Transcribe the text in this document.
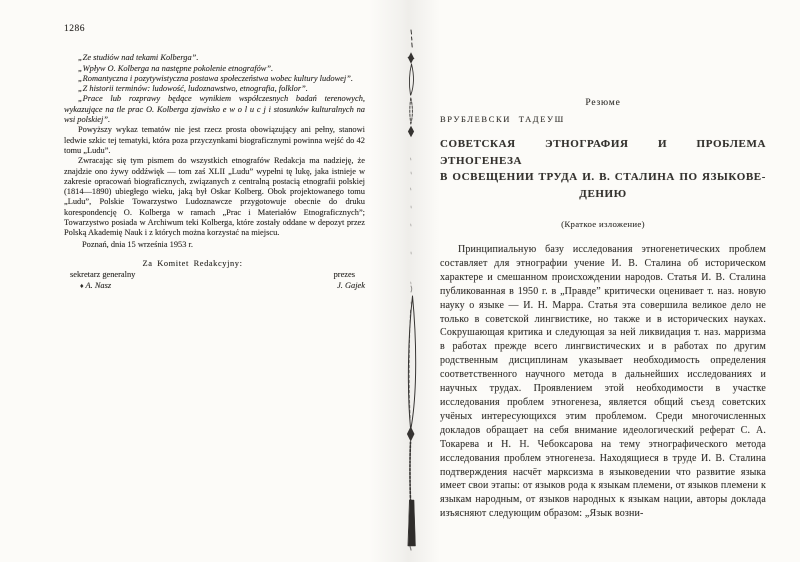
1286

„Ze studiów nad tekami Kolberga”.

„Wpływ O. Kolberga na następne pokolenie etnografów”.

„Romantyczna i pozytywistyczna postawa społeczeństwa wobec kultury ludowej”.

„Z historii terminów: ludowość, ludoznawstwo, etnografia, folklor”.

„Prace lub rozprawy będące wynikiem współczesnych badań terenowych, wykazujące na tle prac O. Kolberga zjawisko e w o l u c j i stosunków kulturalnych na wsi polskiej”.

Powyższy wykaz tematów nie jest rzecz prosta obowiązujący ani pełny, stanowi ledwie szkic tej tematyki, która poza przyczynkami biograficznymi powinna wejść do 42 tomu „Ludu”.

Zwracając się tym pismem do wszystkich etnografów Redakcja ma nadzieję, że znajdzie ono żywy oddźwięk — tom zaś XLII „Ludu” wypełni tę lukę, jaka istnieje w zakresie opracowań biograficznych, związanych z centralną postacią etnografii polskiej (1814—1890) ubiegłego wieku, jaką był Oskar Kolberg. Obok projektowanego tomu „Ludu”, Polskie Towarzystwo Ludoznawcze przygotowuje obecnie do druku korespondencję O. Kolberga w ramach „Prac i Materiałów Etnograficznych”; Towarzystwo posiada w Archiwum teki Kolberga, które zostały oddane w depozyt przez Polską Akademię Nauk i z których można korzystać na miejscu.

Poznań, dnia 15 września 1953 r.

Za Komitet Redakcyjny:
sekretarz generalny
♦ A. Nasz
prezes
J. Gajek
Резюме
ВРУБЛЕВСКИ ТАДЕУШ
СОВЕТСКАЯ ЭТНОГРАФИЯ И ПРОБЛЕМА ЭТНОГЕНЕЗА
В ОСВЕЩЕНИИ ТРУДА И. В. СТАЛИНА ПО ЯЗЫКОВЕ-
ДЕНИЮ
(Краткое изложение)

Принципиальную базу исследования этногенетических проблем составляет для этнографии учение И. В. Сталина об историческом характере и смешанном происхождении народов. Статья И. В. Сталина публикованная в 1950 г. в „Правде” критически оценивает т. наз. новую науку о языке — И. Н. Марра. Статья эта совершила великое дело не только в советской лингвистике, но также и в исторических науках. Сокрушающая критика и следующая за ней ликвидация т. наз. марризма в работах прежде всего лингвистических и в работах по другим родственным дисциплинам указывает необходимость определения соответственного научного метода в дальнейших исследованиях и научных трудах. Проявлением этой необходимости в участке исследования проблем этногенеза, является общий съезд советских учёных интересующихся этим проблемом. Среди многочисленных докладов обращает на себя внимание идеологический реферат С. А. Токарева и Н. Н. Чебоксарова на тему этнографического метода исследования проблем этногенеза. Находящиеся в труде И. В. Сталина подтверждения насчёт марксизма в языковедении что развитие языка имеет свои этапы: от языков рода к языкам племени, от языков племени к языкам народным, от языков народных к языкам нации, авторы доклада изъясняют следующим образом: „Язык возни-
